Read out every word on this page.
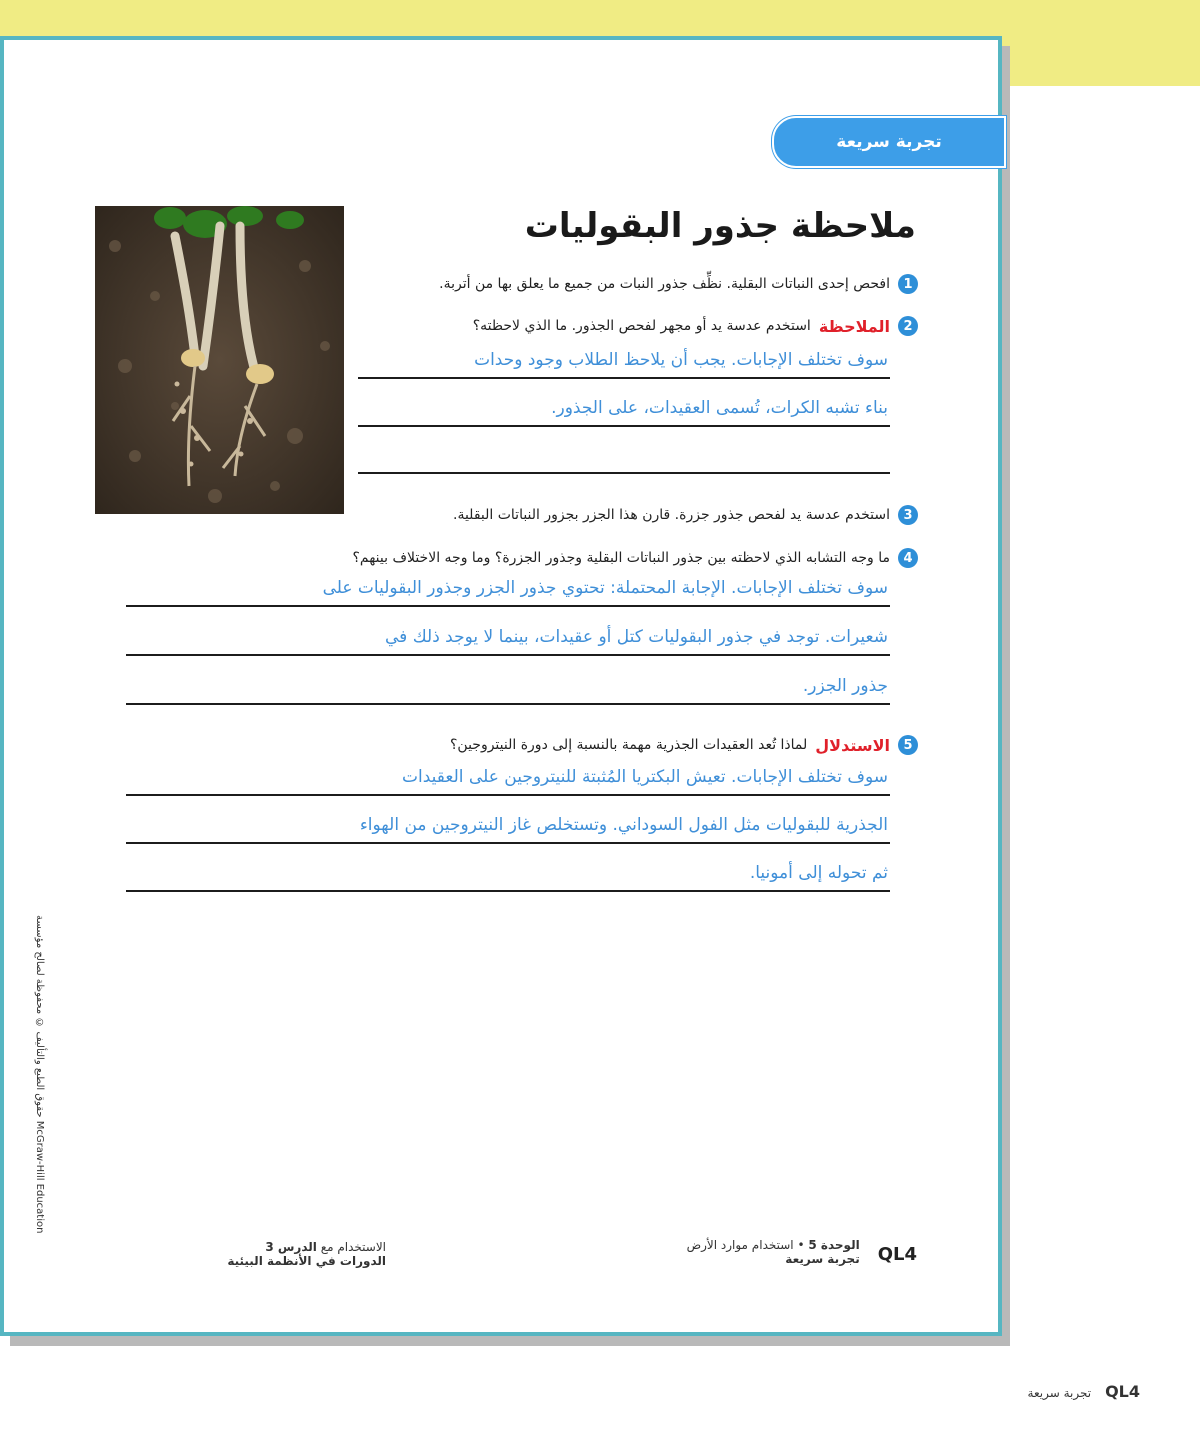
تجربة سريعة
ملاحظة جذور البقوليات
1
افحص إحدى النباتات البقلية. نظِّف جذور النبات من جميع ما يعلق بها من أتربة.
2
الملاحظة
استخدم عدسة يد أو مجهر لفحص الجذور. ما الذي لاحظته؟
سوف تختلف الإجابات. يجب أن يلاحظ الطلاب وجود وحدات
بناء تشبه الكرات، تُسمى العقيدات، على الجذور.
3
استخدم عدسة يد لفحص جذور جزرة. قارن هذا الجزر بجزور النباتات البقلية.
4
ما وجه التشابه الذي لاحظته بين جذور النباتات البقلية وجذور الجزرة؟ وما وجه الاختلاف بينهم؟
سوف تختلف الإجابات. الإجابة المحتملة: تحتوي جذور الجزر وجذور البقوليات على
شعيرات. توجد في جذور البقوليات كتل أو عقيدات، بينما لا يوجد ذلك في
جذور الجزر.
5
الاستدلال
لماذا تُعد العقيدات الجذرية مهمة بالنسبة إلى دورة النيتروجين؟
سوف تختلف الإجابات. تعيش البكتريا المُثبتة للنيتروجين على العقيدات
الجذرية للبقوليات مثل الفول السوداني. وتستخلص غاز النيتروجين من الهواء
ثم تحوله إلى أمونيا.
حقوق الطبع والتأليف © محفوظة لصالح مؤسسة McGraw-Hill Education
QL4
الوحدة 5 • استخدام موارد الأرض
تجربة سريعة
الاستخدام مع الدرس 3
الدورات في الأنظمة البيئية
QL4
تجربة سريعة
